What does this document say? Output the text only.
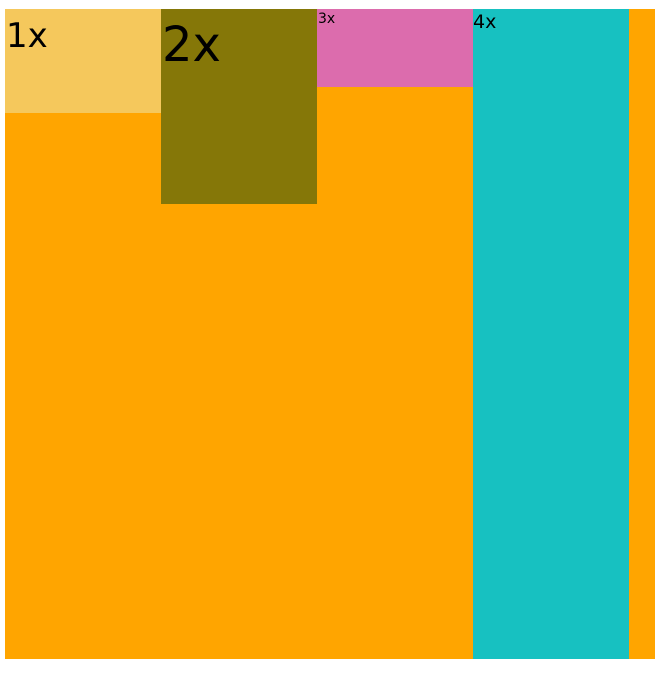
1x	2x	3x	4x
